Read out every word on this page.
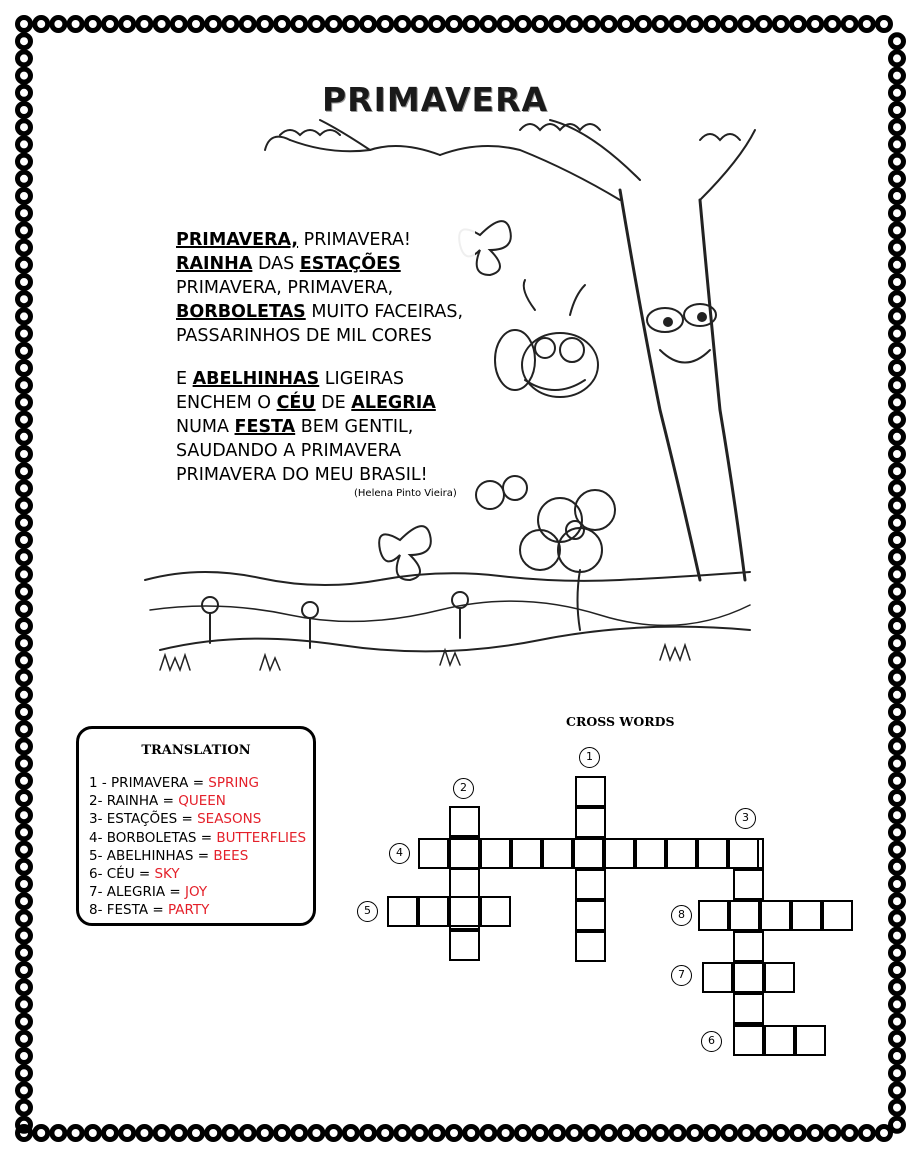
PRIMAVERA
PRIMAVERA, PRIMAVERA!
RAINHA DAS ESTAÇÕES
PRIMAVERA, PRIMAVERA,
BORBOLETAS MUITO FACEIRAS,
PASSARINHOS DE MIL CORES
E ABELHINHAS LIGEIRAS
ENCHEM O CÉU DE ALEGRIA
NUMA FESTA BEM GENTIL,
SAUDANDO A PRIMAVERA
PRIMAVERA DO MEU BRASIL!
(Helena Pinto Vieira)
TRANSLATION
1 - PRIMAVERA = SPRING
2- RAINHA = QUEEN
3- ESTAÇÕES = SEASONS
4- BORBOLETAS = BUTTERFLIES
5- ABELHINHAS = BEES
6- CÉU = SKY
7- ALEGRIA = JOY
8- FESTA = PARTY
CROSS WORDS
1
2
3
4
5
6
7
8
